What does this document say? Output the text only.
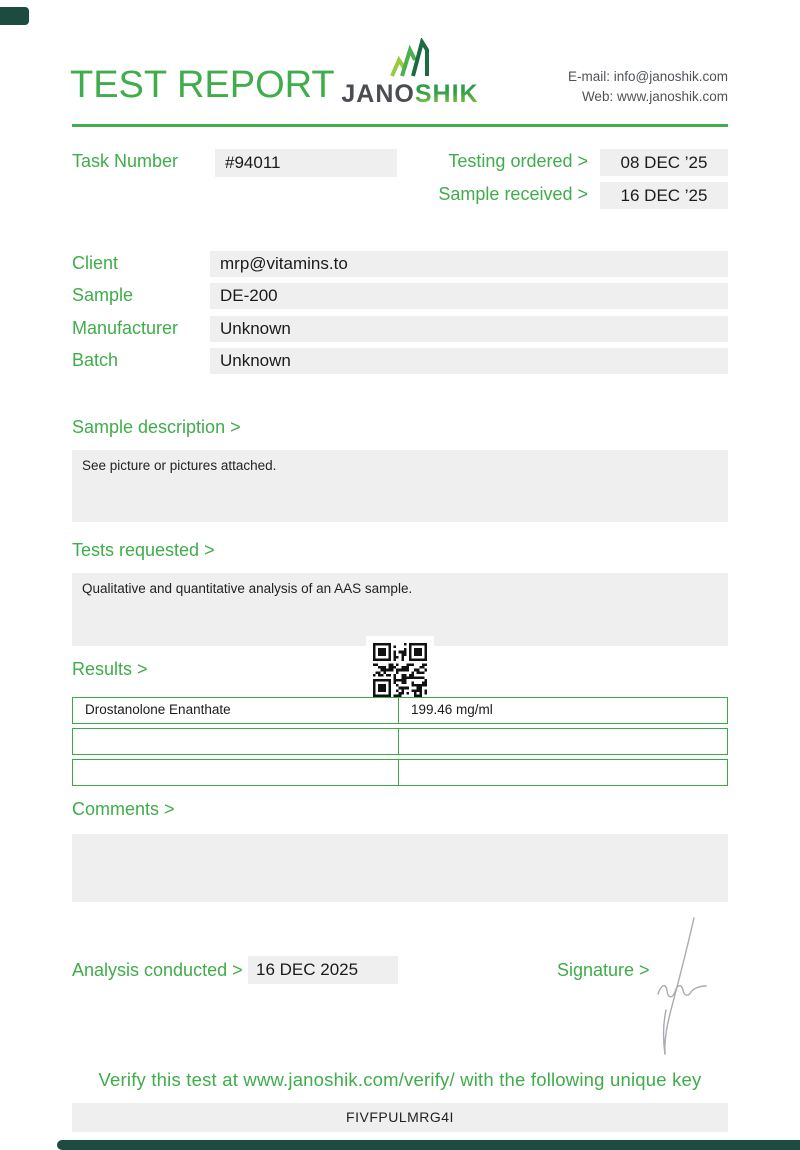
TEST REPORT JANOSHIK
E-mail: info@janoshik.com
Web: www.janoshik.com
Task Number	#94011	Testing ordered >	08 DEC ’25
Sample received >	16 DEC ’25
Client	mrp@vitamins.to
Sample	DE-200
Manufacturer	Unknown
Batch	Unknown
Sample description >
See picture or pictures attached.
Tests requested >
Qualitative and quantitative analysis of an AAS sample.
Results >
Drostanolone Enanthate	199.46 mg/ml
Comments >
Analysis conducted > 16 DEC 2025	Signature >
Verify this test at www.janoshik.com/verify/ with the following unique key
FIVFPULMRG4I
